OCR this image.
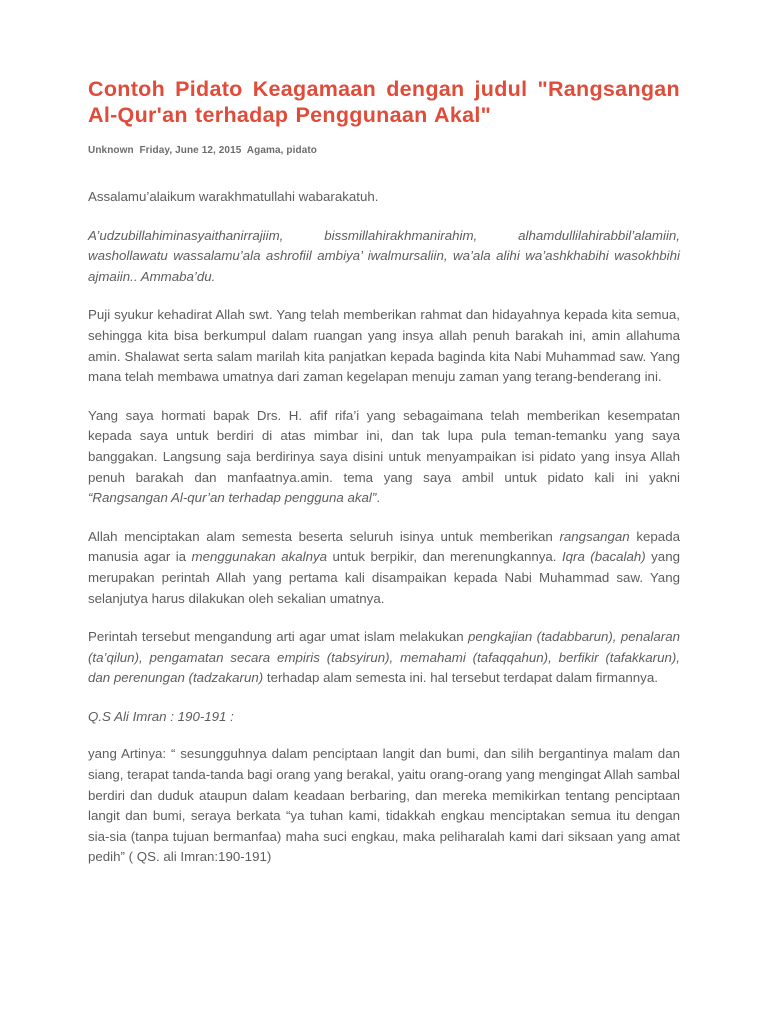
Contoh Pidato Keagamaan dengan judul "Rangsangan Al-Qur'an terhadap Penggunaan Akal"
Unknown  Friday, June 12, 2015  Agama, pidato

Assalamu’alaikum warakhmatullahi wabarakatuh.

A’udzubillahiminasyaithanirrajiim, bissmillahirakhmanirahim, alhamdullilahirabbil’alamiin, washollawatu wassalamu’ala ashrofiil ambiya’ iwalmursaliin, wa’ala alihi wa’ashkhabihi wasokhbihi ajmaiin.. Ammaba’du.

Puji syukur kehadirat Allah swt. Yang telah memberikan rahmat dan hidayahnya kepada kita semua, sehingga kita bisa berkumpul dalam ruangan yang insya allah penuh barakah ini, amin allahuma amin. Shalawat serta salam marilah kita panjatkan kepada baginda kita Nabi Muhammad saw. Yang mana telah membawa umatnya dari zaman kegelapan menuju zaman yang terang-benderang ini.

Yang saya hormati bapak Drs. H. afif rifa’i yang sebagaimana telah memberikan kesempatan kepada saya untuk berdiri di atas mimbar ini, dan tak lupa pula teman-temanku yang saya banggakan. Langsung saja berdirinya saya disini untuk menyampaikan isi pidato yang insya Allah penuh barakah dan manfaatnya.amin. tema yang saya ambil untuk pidato kali ini yakni “Rangsangan Al-qur’an terhadap pengguna akal”.

Allah menciptakan alam semesta beserta seluruh isinya untuk memberikan rangsangan kepada manusia agar ia menggunakan akalnya untuk berpikir, dan merenungkannya. Iqra (bacalah) yang merupakan perintah Allah yang pertama kali disampaikan kepada Nabi Muhammad saw. Yang selanjutya harus dilakukan oleh sekalian umatnya.

Perintah tersebut mengandung arti agar umat islam melakukan pengkajian (tadabbarun), penalaran (ta’qilun), pengamatan secara empiris (tabsyirun), memahami (tafaqqahun), berfikir (tafakkarun), dan perenungan (tadzakarun) terhadap alam semesta ini. hal tersebut terdapat dalam firmannya.

Q.S Ali Imran : 190-191 :

yang Artinya: “ sesungguhnya dalam penciptaan langit dan bumi, dan silih bergantinya malam dan siang, terapat tanda-tanda bagi orang yang berakal, yaitu orang-orang yang mengingat Allah sambal berdiri dan duduk ataupun dalam keadaan berbaring, dan mereka memikirkan tentang penciptaan langit dan bumi, seraya berkata “ya tuhan kami, tidakkah engkau menciptakan semua itu dengan sia-sia (tanpa tujuan bermanfaa) maha suci engkau, maka peliharalah kami dari siksaan yang amat pedih” ( QS. ali Imran:190-191)
